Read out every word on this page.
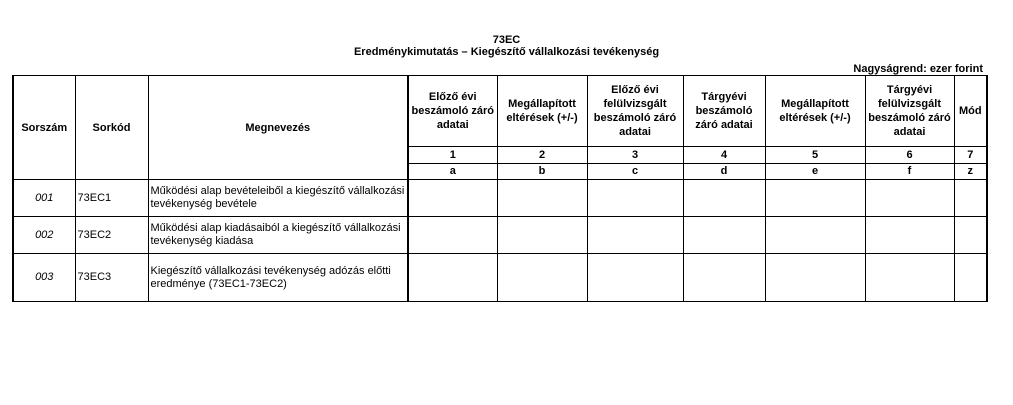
73EC
Eredménykimutatás – Kiegészítő vállalkozási tevékenység
Nagyságrend: ezer forint
Sorszám	Sorkód	Megnevezés	Előző évi beszámoló záró adatai	Megállapított eltérések (+/-)	Előző évi felülvizsgált beszámoló záró adatai	Tárgyévi beszámoló záró adatai	Megállapított eltérések (+/-)	Tárgyévi felülvizsgált beszámoló záró adatai	Mód
			1	2	3	4	5	6	7
			a	b	c	d	e	f	z
001	73EC1	Működési alap bevételeiből a kiegészítő vállalkozási tevékenység bevétele							
002	73EC2	Működési alap kiadásaiból a kiegészítő vállalkozási tevékenység kiadása							
003	73EC3	Kiegészítő vállalkozási tevékenység adózás előtti eredménye (73EC1-73EC2)							
